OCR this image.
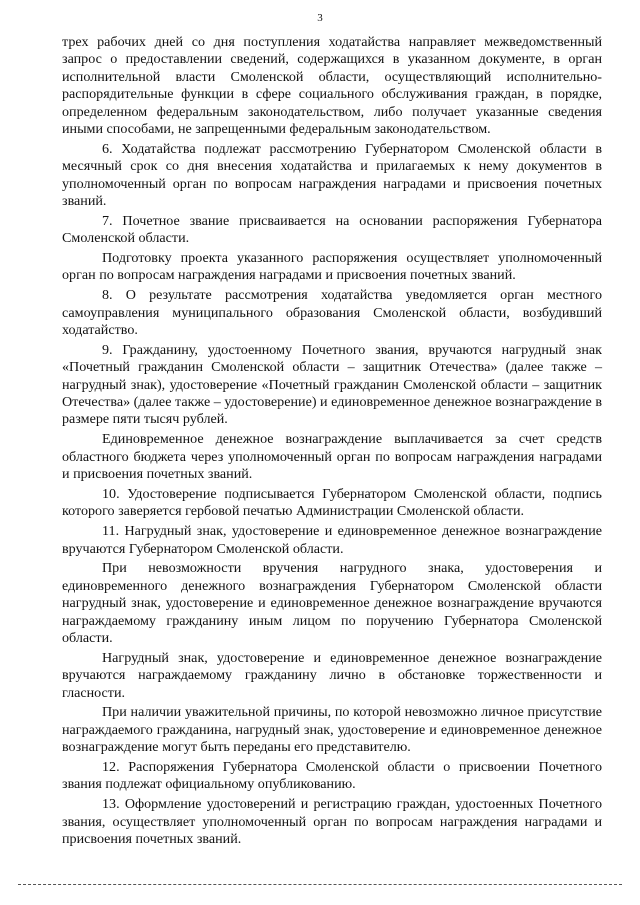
3

трех рабочих дней со дня поступления ходатайства направляет межведомственный запрос о предоставлении сведений, содержащихся в указанном документе, в орган исполнительной власти Смоленской области, осуществляющий исполнительно-распорядительные функции в сфере социального обслуживания граждан, в порядке, определенном федеральным законодательством, либо получает указанные сведения иными способами, не запрещенными федеральным законодательством.

6. Ходатайства подлежат рассмотрению Губернатором Смоленской области в месячный срок со дня внесения ходатайства и прилагаемых к нему документов в уполномоченный орган по вопросам награждения наградами и присвоения почетных званий.

7. Почетное звание присваивается на основании распоряжения Губернатора Смоленской области.

Подготовку проекта указанного распоряжения осуществляет уполномоченный орган по вопросам награждения наградами и присвоения почетных званий.

8. О результате рассмотрения ходатайства уведомляется орган местного самоуправления муниципального образования Смоленской области, возбудивший ходатайство.

9. Гражданину, удостоенному Почетного звания, вручаются нагрудный знак «Почетный гражданин Смоленской области – защитник Отечества» (далее также – нагрудный знак), удостоверение «Почетный гражданин Смоленской области – защитник Отечества» (далее также – удостоверение) и единовременное денежное вознаграждение в размере пяти тысяч рублей.

Единовременное денежное вознаграждение выплачивается за счет средств областного бюджета через уполномоченный орган по вопросам награждения наградами и присвоения почетных званий.

10. Удостоверение подписывается Губернатором Смоленской области, подпись которого заверяется гербовой печатью Администрации Смоленской области.

11. Нагрудный знак, удостоверение и единовременное денежное вознаграждение вручаются Губернатором Смоленской области.

При невозможности вручения нагрудного знака, удостоверения и единовременного денежного вознаграждения Губернатором Смоленской области нагрудный знак, удостоверение и единовременное денежное вознаграждение вручаются награждаемому гражданину иным лицом по поручению Губернатора Смоленской области.

Нагрудный знак, удостоверение и единовременное денежное вознаграждение вручаются награждаемому гражданину лично в обстановке торжественности и гласности.

При наличии уважительной причины, по которой невозможно личное присутствие награждаемого гражданина, нагрудный знак, удостоверение и единовременное денежное вознаграждение могут быть переданы его представителю.

12. Распоряжения Губернатора Смоленской области о присвоении Почетного звания подлежат официальному опубликованию.

13. Оформление удостоверений и регистрацию граждан, удостоенных Почетного звания, осуществляет уполномоченный орган по вопросам награждения наградами и присвоения почетных званий.
